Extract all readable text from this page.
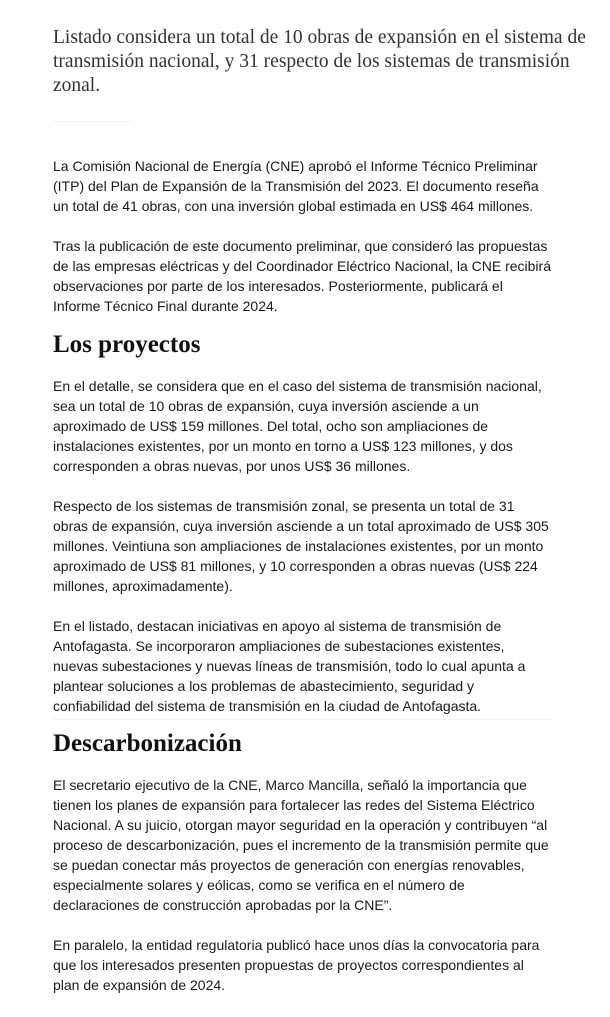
Listado considera un total de 10 obras de expansión en el sistema de transmisión nacional, y 31 respecto de los sistemas de transmisión zonal.

La Comisión Nacional de Energía (CNE) aprobó el Informe Técnico Preliminar (ITP) del Plan de Expansión de la Transmisión del 2023. El documento reseña un total de 41 obras, con una inversión global estimada en US$ 464 millones.

Tras la publicación de este documento preliminar, que consideró las propuestas de las empresas eléctricas y del Coordinador Eléctrico Nacional, la CNE recibirá observaciones por parte de los interesados. Posteriormente, publicará el Informe Técnico Final durante 2024.

Los proyectos

En el detalle, se considera que en el caso del sistema de transmisión nacional, sea un total de 10 obras de expansión, cuya inversión asciende a un aproximado de US$ 159 millones. Del total, ocho son ampliaciones de instalaciones existentes, por un monto en torno a US$ 123 millones, y dos corresponden a obras nuevas, por unos US$ 36 millones.

Respecto de los sistemas de transmisión zonal, se presenta un total de 31 obras de expansión, cuya inversión asciende a un total aproximado de US$ 305 millones. Veintiuna son ampliaciones de instalaciones existentes, por un monto aproximado de US$ 81 millones, y 10 corresponden a obras nuevas (US$ 224 millones, aproximadamente).

En el listado, destacan iniciativas en apoyo al sistema de transmisión de Antofagasta. Se incorporaron ampliaciones de subestaciones existentes, nuevas subestaciones y nuevas líneas de transmisión, todo lo cual apunta a plantear soluciones a los problemas de abastecimiento, seguridad y confiabilidad del sistema de transmisión en la ciudad de Antofagasta.

Descarbonización

El secretario ejecutivo de la CNE, Marco Mancilla, señaló la importancia que tienen los planes de expansión para fortalecer las redes del Sistema Eléctrico Nacional. A su juicio, otorgan mayor seguridad en la operación y contribuyen “al proceso de descarbonización, pues el incremento de la transmisión permite que se puedan conectar más proyectos de generación con energías renovables, especialmente solares y eólicas, como se verifica en el número de declaraciones de construcción aprobadas por la CNE”.

En paralelo, la entidad regulatoria publicó hace unos días la convocatoria para que los interesados presenten propuestas de proyectos correspondientes al plan de expansión de 2024.
